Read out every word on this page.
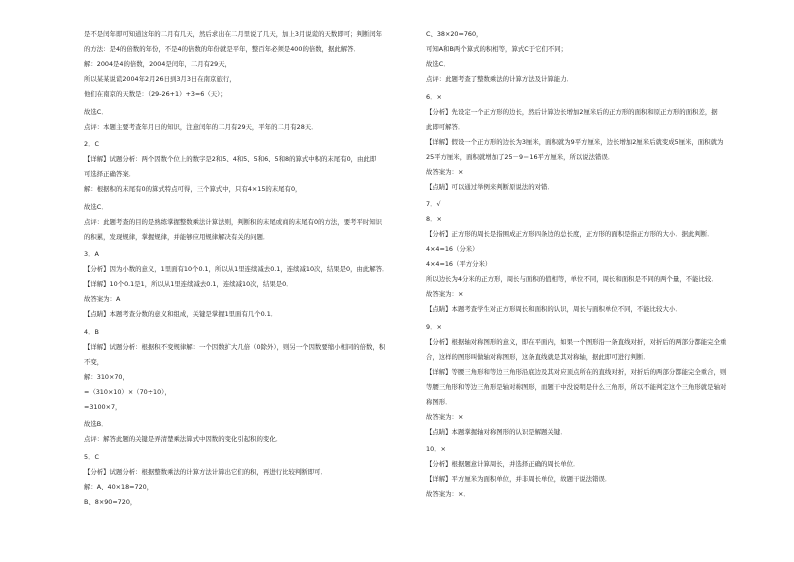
是不是闰年即可知道这年的二月有几天，然后求出在二月里说了几天，加上3月说谎的天数即可；判断闰年
的方法：是4的倍数的年份，不是4的倍数的年份就是平年，整百年必须是400的倍数，据此解答．
解：2004是4的倍数，2004是闰年，二月有29天，
所以某某说谎2004年2月26日到3月3日在南京旅行，
他们在南京的天数是：（29-26+1）+3=6（天）；
故选C．
点评：本题主要考查年月日的知识，注意闰年的二月有29天，平年的二月有28天．
2．C
【详解】试题分析：两个因数个位上的数字是2和5、4和5、5和6、5和8的算式中积的末尾有0，由此即
可选择正确答案．
解：根据积的末尾有0的算式特点可得，三个算式中，只有4×15的末尾有0，
故选C．
点评：此题考查的目的是熟练掌握整数乘法计算法则，判断积的末尾或商的末尾有0的方法，要考平时知识
的积累，发现规律，掌握规律，并能够应用规律解决有关的问题．
3．A
【分析】因为小数的意义，1里面有10个0.1，所以从1里连续减去0.1，连续减10次，结果是0，由此解答．
【详解】10个0.1是1，所以从1里连续减去0.1，连续减10次，结果是0．
故答案为：A
【点睛】本题考查分数的意义和组成，关键是掌握1里面有几个0.1．
4．B
【详解】试题分析：根据积不变规律解：一个因数扩大几倍（0除外），则另一个因数要缩小相同的倍数，积
不变，
解：310×70，
=（310×10）×（70÷10），
=3100×7，
故选B．
点评：解答此题的关键是弄清楚乘法算式中因数的变化引起积的变化．
5．C
【分析】试题分析：根据整数乘法的计算方法计算出它们的积，再进行比较判断即可．
解：A、40×18=720，
B、8×90=720，
C、38×20=760，
可知A和B两个算式的积相等，算式C于它们不同；
故选C．
点评：此题考查了整数乘法的计算方法及计算能力．
6．×
【分析】先设定一个正方形的边长，然后计算边长增加2厘米后的正方形的面积和原正方形的面积差，据
此即可解答．
【详解】假设一个正方形的边长为3厘米，面积就为9平方厘米，边长增加2厘米后就变成5厘米，面积就为
25平方厘米，面积就增加了25－9＝16平方厘米，所以说法错误．
故答案为：×
【点睛】可以通过举例来判断原说法的对错．
7．√
8．×
【分析】正方形的周长是指围成正方形四条边的总长度，正方形的面积是指正方形的大小．据此判断．
4×4=16（分米）
4×4=16（平方分米）
所以边长为4分米的正方形，周长与面积的值相等，单位不同，周长和面积是不同的两个量，不能比较．
故答案为：×
【点睛】本题考查学生对正方形周长和面积的认识，周长与面积单位不同，不能比较大小．
9．×
【分析】根据轴对称图形的意义，即在平面内，如果一个图形沿一条直线对折，对折后的两部分都能完全重
合，这样的图形叫做轴对称图形，这条直线就是其对称轴，据此即可进行判断．
【详解】等腰三角形和等边三角形沿底边及其对应顶点所在的直线对折，对折后的两部分都能完全重合，则
等腰三角形和等边三角形是轴对称图形，而题干中没说明是什么三角形，所以不能判定这个三角形就是轴对
称图形．
故答案为：×
【点睛】本题掌握轴对称图形的认识是解题关键．
10．×
【分析】根据题意计算周长，并选择正确的周长单位．
【详解】平方厘米为面积单位，并非周长单位，故题干说法错误．
故答案为：×．
